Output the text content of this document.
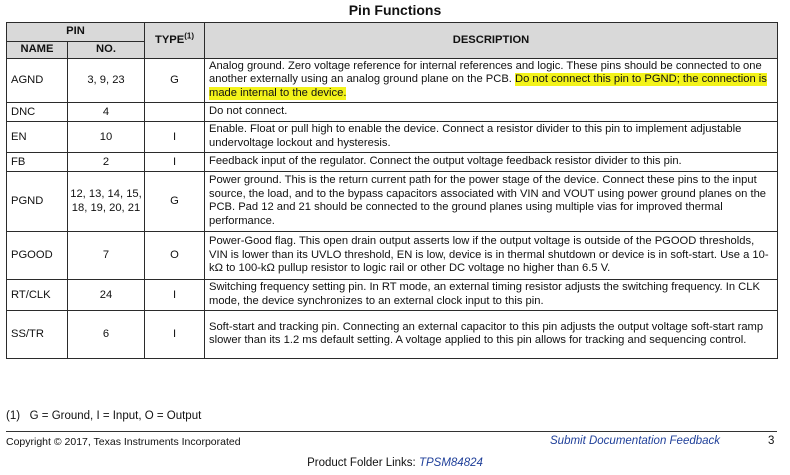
Pin Functions
PIN		TYPE$^{(1)}$	DESCRIPTION
NAME	NO.		
AGND	3, 9, 23	G	Analog ground. Zero voltage reference for internal references and logic. These pins should be connected to one another externally using an analog ground plane on the PCB. Do not connect this pin to PGND; the connection is made internal to the device.
DNC	4		Do not connect.
EN	10	I	Enable. Float or pull high to enable the device. Connect a resistor divider to this pin to implement adjustable undervoltage lockout and hysteresis.
FB	2	I	Feedback input of the regulator. Connect the output voltage feedback resistor divider to this pin.
PGND	12, 13, 14, 15, 18, 19, 20, 21	G	Power ground. This is the return current path for the power stage of the device. Connect these pins to the input source, the load, and to the bypass capacitors associated with VIN and VOUT using power ground planes on the PCB. Pad 12 and 21 should be connected to the ground planes using multiple vias for improved thermal performance.
PGOOD	7	O	Power-Good flag. This open drain output asserts low if the output voltage is outside of the PGOOD thresholds, VIN is lower than its UVLO threshold, EN is low, device is in thermal shutdown or device is in soft-start. Use a 10-kΩ to 100-kΩ pullup resistor to logic rail or other DC voltage no higher than 6.5 V.
RT/CLK	24	I	Switching frequency setting pin. In RT mode, an external timing resistor adjusts the switching frequency. In CLK mode, the device synchronizes to an external clock input to this pin.
SS/TR	6	I	Soft-start and tracking pin. Connecting an external capacitor to this pin adjusts the output voltage soft-start ramp slower than its 1.2 ms default setting. A voltage applied to this pin allows for tracking and sequencing control.
(1)   G = Ground, I = Input, O = Output
Copyright © 2017, Texas Instruments Incorporated	Submit Documentation Feedback	3
Product Folder Links: TPSM84824
